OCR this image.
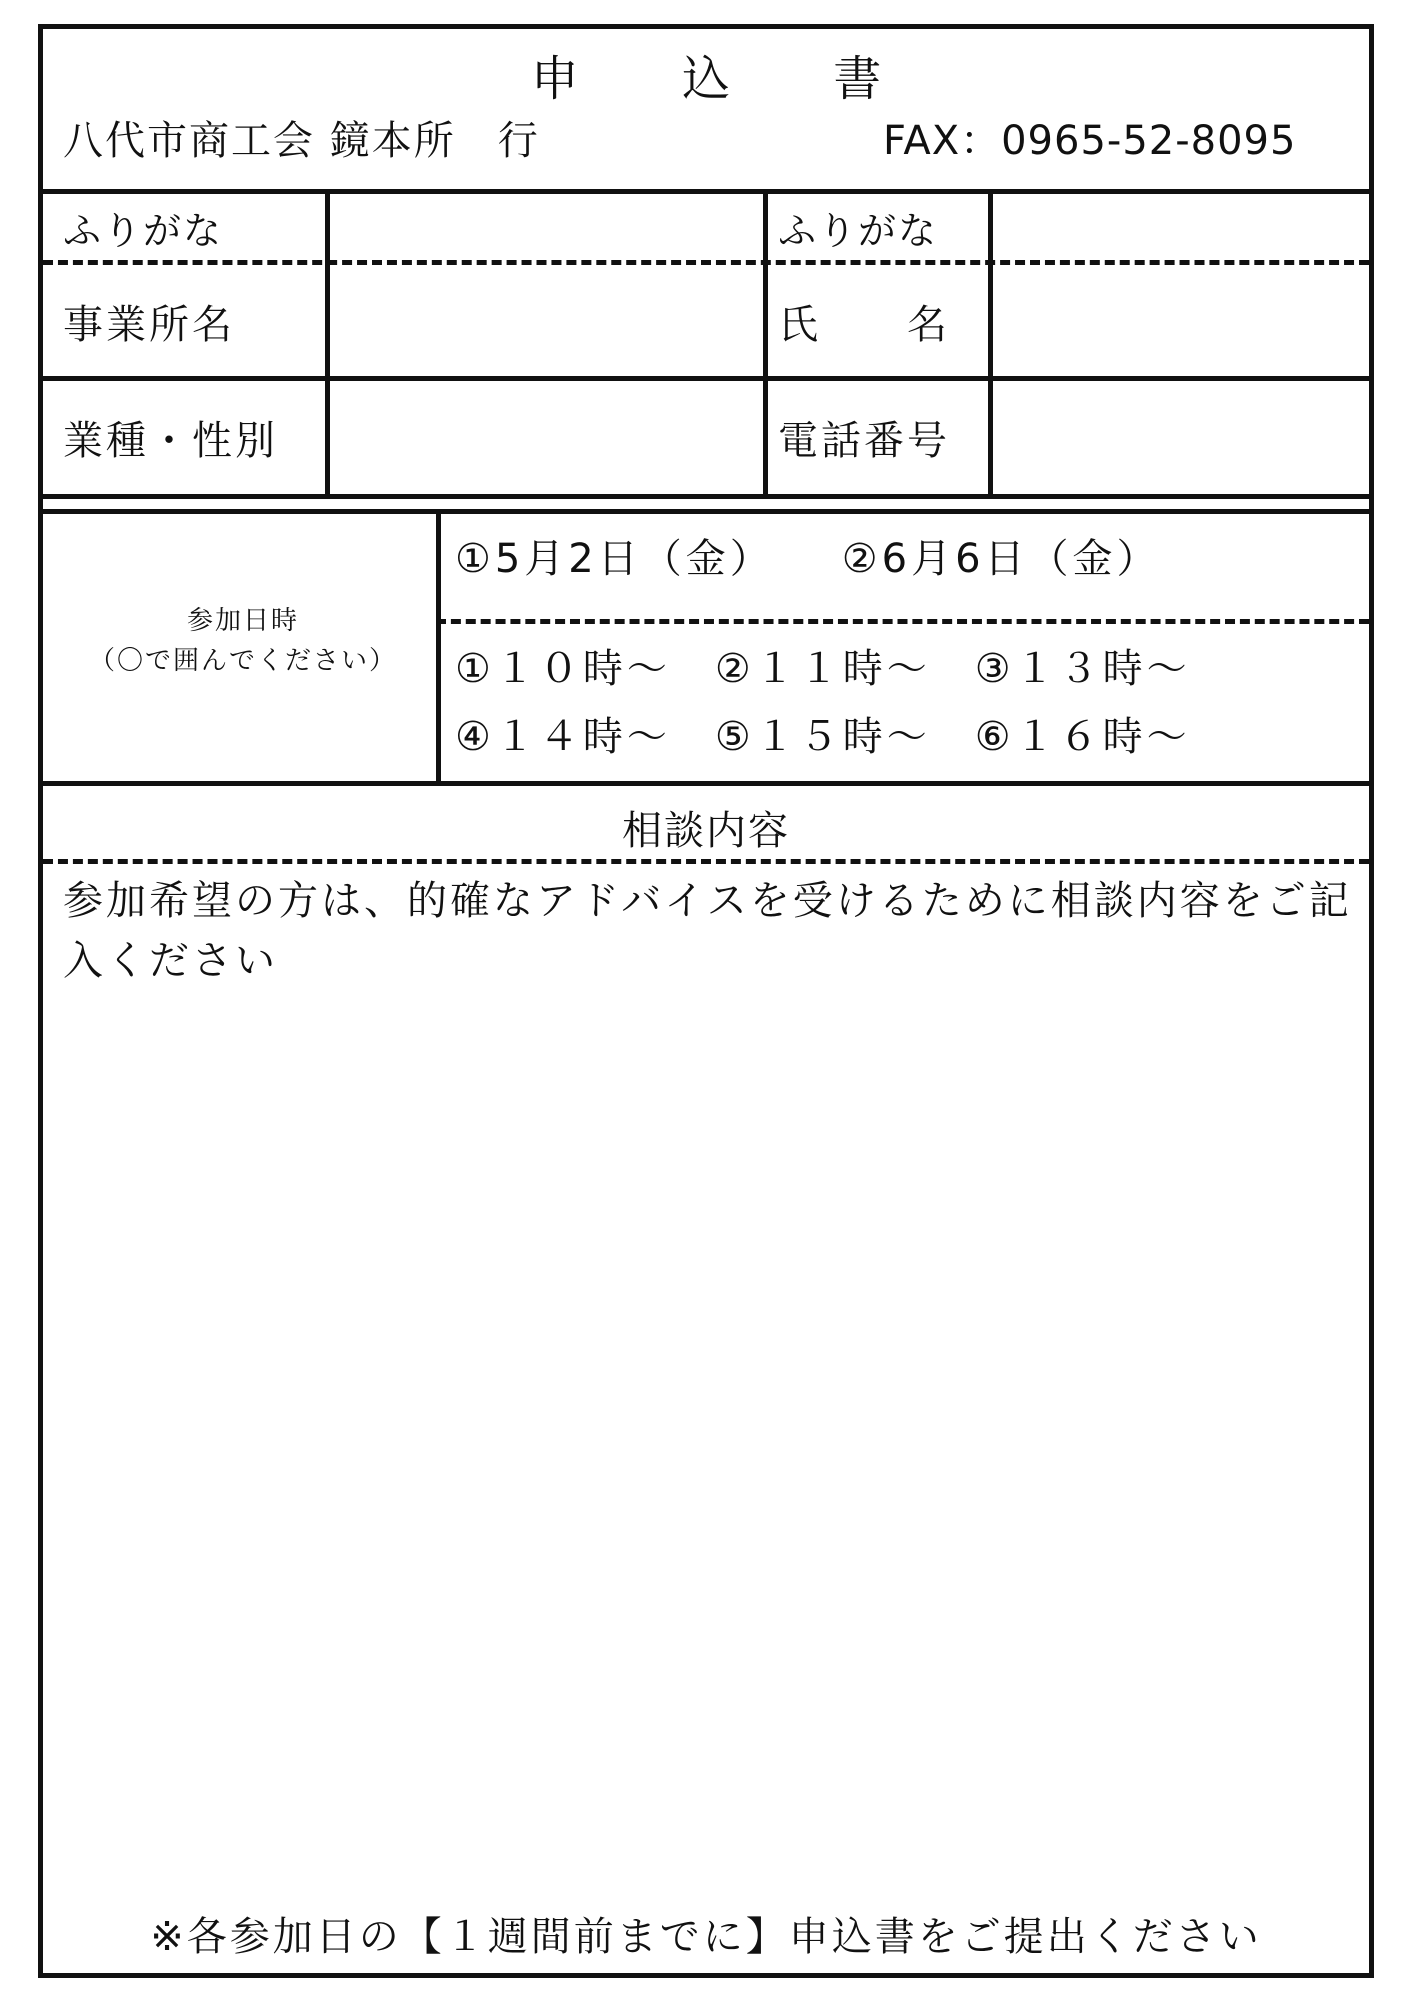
申 込 書
八代市商工会 鏡本所　行	FAX：0965-52-8095
ふりがな
事業所名
業種・性別
ふりがな
氏　　名
電話番号
参加日時
（〇で囲んでください）
①5月2日（金）　　②6月6日（金）
①１０時～　②１１時～　③１３時～
④１４時～　⑤１５時～　⑥１６時～
相談内容
参加希望の方は、的確なアドバイスを受けるために相談内容をご記入ください
※各参加日の【１週間前までに】申込書をご提出ください
